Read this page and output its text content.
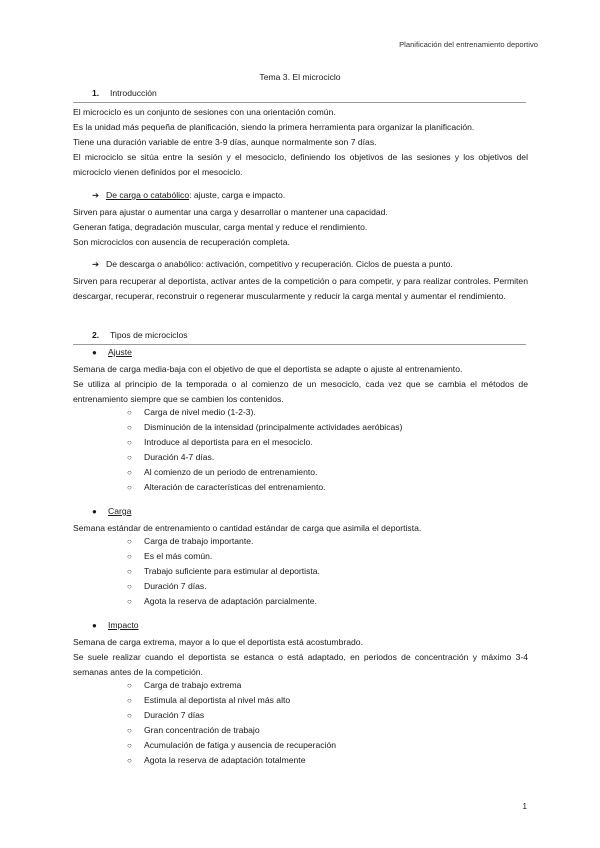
Planificación del entrenamiento deportivo
Tema 3. El microciclo
1. Introducción
El microciclo es un conjunto de sesiones con una orientación común.
Es la unidad más pequeña de planificación, siendo la primera herramienta para organizar la planificación.
Tiene una duración variable de entre 3-9 días, aunque normalmente son 7 días.
El microciclo se sitúa entre la sesión y el mesociclo, definiendo los objetivos de las sesiones y los objetivos del microciclo vienen definidos por el mesociclo.
➔ De carga o catabólico: ajuste, carga e impacto.
Sirven para ajustar o aumentar una carga y desarrollar o mantener una capacidad.
Generan fatiga, degradación muscular, carga mental y reduce el rendimiento.
Son microciclos con ausencia de recuperación completa.
➔ De descarga o anabólico: activación, competitivo y recuperación. Ciclos de puesta a punto.
Sirven para recuperar al deportista, activar antes de la competición o para competir, y para realizar controles. Permiten descargar, recuperar, reconstruir o regenerar muscularmente y reducir la carga mental y aumentar el rendimiento.
2. Tipos de microciclos
● Ajuste
Semana de carga media-baja con el objetivo de que el deportista se adapte o ajuste al entrenamiento.
Se utiliza al principio de la temporada o al comienzo de un mesociclo, cada vez que se cambia el métodos de entrenamiento siempre que se cambien los contenidos.
○ Carga de nivel medio (1-2-3).
○ Disminución de la intensidad (principalmente actividades aeróbicas)
○ Introduce al deportista para en el mesociclo.
○ Duración 4-7 días.
○ Al comienzo de un periodo de entrenamiento.
○ Alteración de características del entrenamiento.
● Carga
Semana estándar de entrenamiento o cantidad estándar de carga que asimila el deportista.
○ Carga de trabajo importante.
○ Es el más común.
○ Trabajo suficiente para estimular al deportista.
○ Duración 7 días.
○ Agota la reserva de adaptación parcialmente.
● Impacto
Semana de carga extrema, mayor a lo que el deportista está acostumbrado.
Se suele realizar cuando el deportista se estanca o está adaptado, en periodos de concentración y máximo 3-4 semanas antes de la competición.
○ Carga de trabajo extrema
○ Estimula al deportista al nivel más alto
○ Duración 7 días
○ Gran concentración de trabajo
○ Acumulación de fatiga y ausencia de recuperación
○ Agota la reserva de adaptación totalmente
1
